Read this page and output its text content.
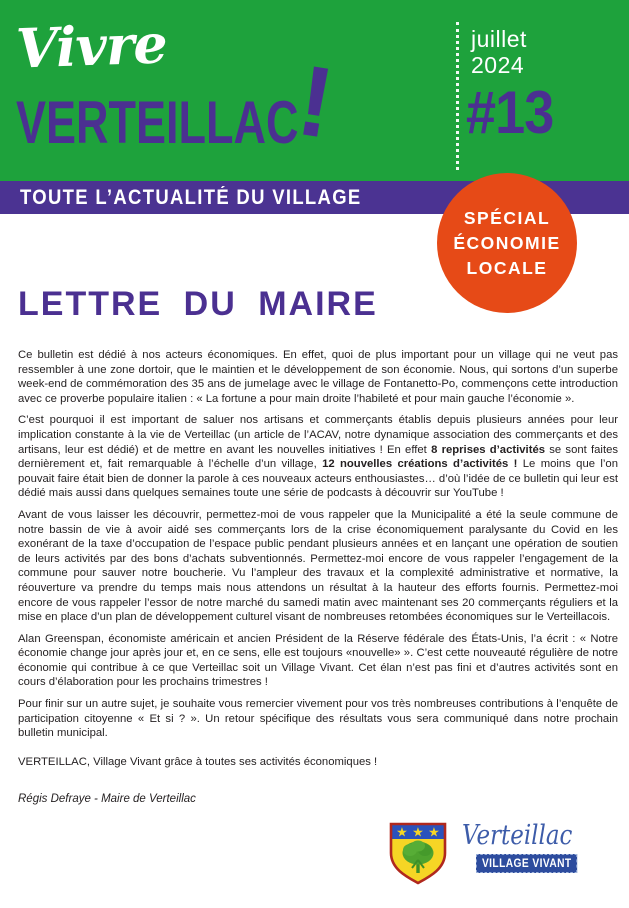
Vivre
VERTEILLAC
!
juillet
2024
#13
TOUTE L’ACTUALITÉ DU VILLAGE
SPÉCIAL
ÉCONOMIE
LOCALE
LETTRE DU MAIRE

Ce bulletin est dédié à nos acteurs économiques. En effet, quoi de plus important pour un village qui ne veut pas ressembler à une zone dortoir, que le maintien et le développement de son économie. Nous, qui sortons d’un superbe week-end de commémoration des 35 ans de jumelage avec le village de Fontanetto-Po, commençons cette introduction avec ce proverbe populaire italien : « La fortune a pour main droite l’habileté et pour main gauche l’économie ».

C’est pourquoi il est important de saluer nos artisans et commerçants établis depuis plusieurs années pour leur implication constante à la vie de Verteillac (un article de l’ACAV, notre dynamique association des commerçants et des artisans, leur est dédié) et de mettre en avant les nouvelles initiatives ! En effet 8 reprises d’activités se sont faites dernièrement et, fait remarquable à l’échelle d’un village, 12 nouvelles créations d’activités ! Le moins que l’on pouvait faire était bien de donner la parole à ces nouveaux acteurs enthousiastes… d’où l’idée de ce bulletin qui leur est dédié mais aussi dans quelques semaines toute une série de podcasts à découvrir sur YouTube !

Avant de vous laisser les découvrir, permettez-moi de vous rappeler que la Municipalité a été la seule commune de notre bassin de vie à avoir aidé ses commerçants lors de la crise économiquement paralysante du Covid en les exonérant de la taxe d’occupation de l’espace public pendant plusieurs années et en lançant une opération de soutien de leurs activités par des bons d’achats subventionnés. Permettez-moi encore de vous rappeler l’engagement de la commune pour sauver notre boucherie. Vu l’ampleur des travaux et la complexité administrative et normative, la réouverture va prendre du temps mais nous attendons un résultat à la hauteur des efforts fournis. Permettez-moi encore de vous rappeler l’essor de notre marché du samedi matin avec maintenant ses 20 commerçants réguliers et la mise en place d’un plan de développement culturel visant de nombreuses retombées économiques sur le Verteillacois.

Alan Greenspan, économiste américain et ancien Président de la Réserve fédérale des États-Unis, l’a écrit : « Notre économie change jour après jour et, en ce sens, elle est toujours «nouvelle» ». C’est cette nouveauté régulière de notre économie qui contribue à ce que Verteillac soit un Village Vivant. Cet élan n’est pas fini et d’autres activités sont en cours d’élaboration pour les prochains trimestres !

Pour finir sur un autre sujet, je souhaite vous remercier vivement pour vos très nombreuses contributions à l’enquête de participation citoyenne « Et si ? ». Un retour spécifique des résultats vous sera communiqué dans notre prochain bulletin municipal.

VERTEILLAC, Village Vivant grâce à toutes ses activités économiques !

Régis Defraye - Maire de Verteillac

★ ★ ★ Verteillac
VILLAGE VIVANT
